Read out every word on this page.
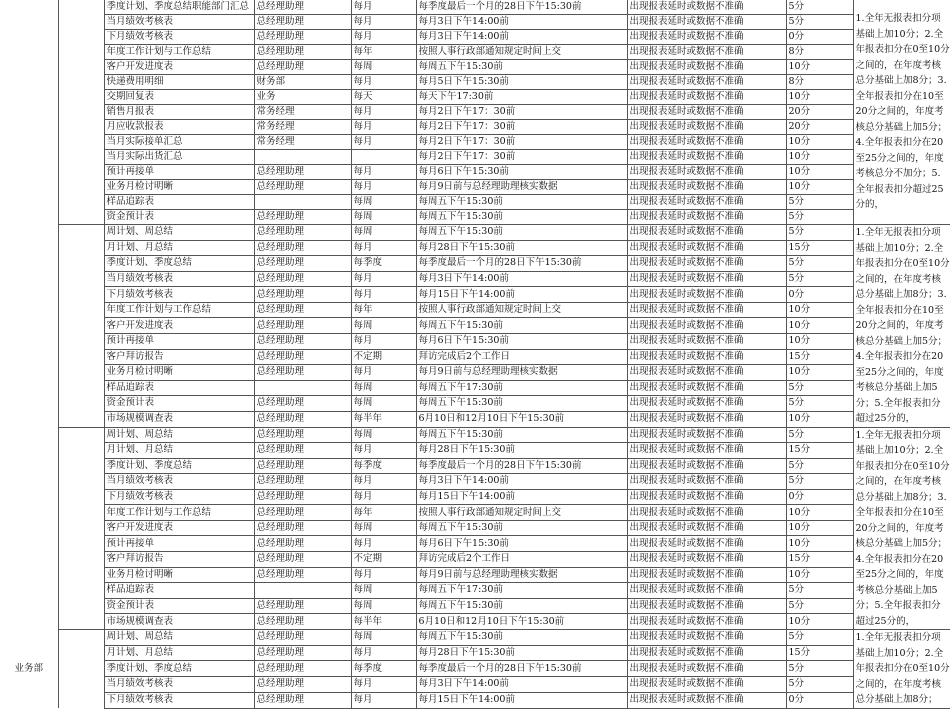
业务部		季度计划、季度总结职能部门汇总	总经理助理	每月	每季度最后一个月的28日下午15:30前	出现报表延时或数据不准确	5分	1.全年无报表扣分项基础上加10分；2.全年报表扣分在0至10分之间的，在年度考核总分基础上加8分；3.全年报表扣分在10至20分之间的，年度考核总分基础上加5分；4.全年报表扣分在20至25分之间的，年度考核总分不加分；5.全年报表扣分超过25分的，
		当月绩效考核表	总经理助理	每月	每月3日下午14:00前	出现报表延时或数据不准确	5分	
		下月绩效考核表	总经理助理	每月	每月3日下午14:00前	出现报表延时或数据不准确	0分	
		年度工作计划与工作总结	总经理助理	每年	按照人事行政部通知规定时间上交	出现报表延时或数据不准确	8分	
		客户开发进度表	总经理助理	每周	每周五下午15:30前	出现报表延时或数据不准确	10分	
		快递费用明细	财务部	每月	每月5日下午15:30前	出现报表延时或数据不准确	8分	
		交期回复表	业务	每天	每天下午17:30前	出现报表延时或数据不准确	10分	
		销售月报表	常务经理	每月	每月2日下午17：30前	出现报表延时或数据不准确	20分	
		月应收款报表	常务经理	每月	每月2日下午17：30前	出现报表延时或数据不准确	20分	
		当月实际接单汇总	常务经理	每月	每月2日下午17：30前	出现报表延时或数据不准确	10分	
		当月实际出货汇总			每月2日下午17：30前	出现报表延时或数据不准确	10分	
		预计再接单	总经理助理	每月	每月6日下午15:30前	出现报表延时或数据不准确	10分	
		业务月检讨明晰	总经理助理	每月	每月9日前与总经理助理核实数据	出现报表延时或数据不准确	10分	
		样品追踪表		每周	每周五下午15:30前	出现报表延时或数据不准确	5分	
		资金预计表	总经理助理	每周	每周五下午15:30前	出现报表延时或数据不准确	5分	
		周计划、周总结	总经理助理	每周	每周五下午15:30前	出现报表延时或数据不准确	5分	1.全年无报表扣分项基础上加10分；2.全年报表扣分在0至10分之间的，在年度考核总分基础上加8分；3.全年报表扣分在10至20分之间的，年度考核总分基础上加5分；4.全年报表扣分在20至25分之间的，年度考核总分基础上加5分；5.全年报表扣分超过25分的，
		月计划、月总结	总经理助理	每月	每月28日下午15:30前	出现报表延时或数据不准确	15分	
		季度计划、季度总结	总经理助理	每季度	每季度最后一个月的28日下午15:30前	出现报表延时或数据不准确	5分	
		当月绩效考核表	总经理助理	每月	每月3日下午14:00前	出现报表延时或数据不准确	5分	
		下月绩效考核表	总经理助理	每月	每月15日下午14:00前	出现报表延时或数据不准确	0分	
		年度工作计划与工作总结	总经理助理	每年	按照人事行政部通知规定时间上交	出现报表延时或数据不准确	10分	
		客户开发进度表	总经理助理	每周	每周五下午15:30前	出现报表延时或数据不准确	10分	
		预计再接单	总经理助理	每月	每月6日下午15:30前	出现报表延时或数据不准确	10分	
		客户拜访报告	总经理助理	不定期	拜访完成后2个工作日	出现报表延时或数据不准确	15分	
		业务月检讨明晰	总经理助理	每月	每月9日前与总经理助理核实数据	出现报表延时或数据不准确	10分	
		样品追踪表		每周	每周五下午17:30前	出现报表延时或数据不准确	5分	
		资金预计表	总经理助理	每周	每周五下午15:30前	出现报表延时或数据不准确	5分	
		市场规模调查表	总经理助理	每半年	6月10日和12月10日下午15:30前	出现报表延时或数据不准确	10分	
		周计划、周总结	总经理助理	每周	每周五下午15:30前	出现报表延时或数据不准确	5分	1.全年无报表扣分项基础上加10分；2.全年报表扣分在0至10分之间的，在年度考核总分基础上加8分；3.全年报表扣分在10至20分之间的，年度考核总分基础上加5分；4.全年报表扣分在20至25分之间的，年度考核总分基础上加5分；5.全年报表扣分超过25分的，
		月计划、月总结	总经理助理	每月	每月28日下午15:30前	出现报表延时或数据不准确	15分	
		季度计划、季度总结	总经理助理	每季度	每季度最后一个月的28日下午15:30前	出现报表延时或数据不准确	5分	
		当月绩效考核表	总经理助理	每月	每月3日下午14:00前	出现报表延时或数据不准确	5分	
		下月绩效考核表	总经理助理	每月	每月15日下午14:00前	出现报表延时或数据不准确	0分	
		年度工作计划与工作总结	总经理助理	每年	按照人事行政部通知规定时间上交	出现报表延时或数据不准确	10分	
		客户开发进度表	总经理助理	每周	每周五下午15:30前	出现报表延时或数据不准确	10分	
		预计再接单	总经理助理	每月	每月6日下午15:30前	出现报表延时或数据不准确	10分	
		客户拜访报告	总经理助理	不定期	拜访完成后2个工作日	出现报表延时或数据不准确	15分	
		业务月检讨明晰	总经理助理	每月	每月9日前与总经理助理核实数据	出现报表延时或数据不准确	10分	
		样品追踪表		每周	每周五下午17:30前	出现报表延时或数据不准确	5分	
		资金预计表	总经理助理	每周	每周五下午15:30前	出现报表延时或数据不准确	5分	
		市场规模调查表	总经理助理	每半年	6月10日和12月10日下午15:30前	出现报表延时或数据不准确	10分	
		周计划、周总结	总经理助理	每周	每周五下午15:30前	出现报表延时或数据不准确	5分	1.全年无报表扣分项基础上加10分；2.全年报表扣分在0至10分之间的，在年度考核总分基础上加8分；
		月计划、月总结	总经理助理	每月	每月28日下午15:30前	出现报表延时或数据不准确	15分	
		季度计划、季度总结	总经理助理	每季度	每季度最后一个月的28日下午15:30前	出现报表延时或数据不准确	5分	
		当月绩效考核表	总经理助理	每月	每月3日下午14:00前	出现报表延时或数据不准确	5分	
		下月绩效考核表	总经理助理	每月	每月15日下午14:00前	出现报表延时或数据不准确	0分	
